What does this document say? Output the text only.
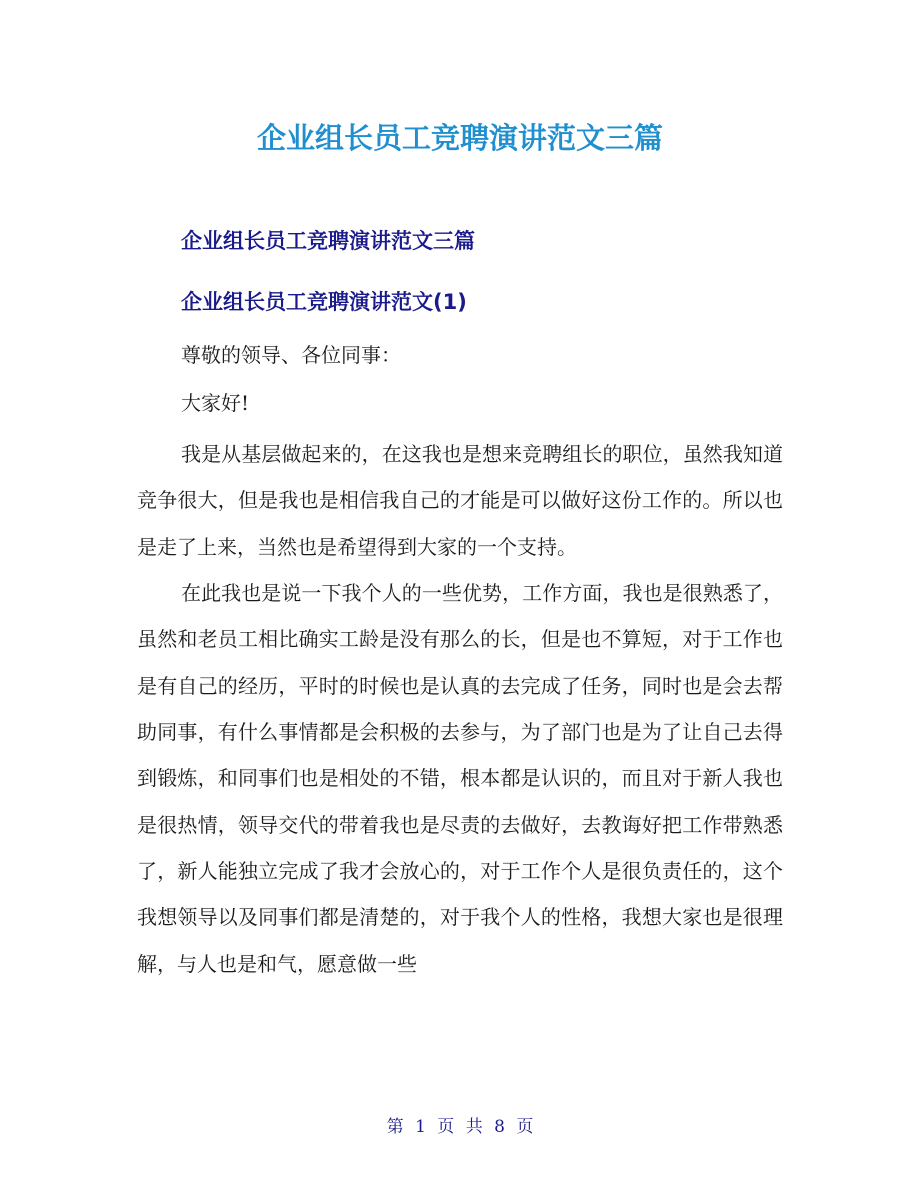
企业组长员工竞聘演讲范文三篇
企业组长员工竞聘演讲范文三篇
企业组长员工竞聘演讲范文(1)

尊敬的领导、各位同事：

大家好!

我是从基层做起来的，在这我也是想来竞聘组长的职位，虽然我知道竞争很大，但是我也是相信我自己的才能是可以做好这份工作的。所以也是走了上来，当然也是希望得到大家的一个支持。

在此我也是说一下我个人的一些优势，工作方面，我也是很熟悉了，虽然和老员工相比确实工龄是没有那么的长，但是也不算短，对于工作也是有自己的经历，平时的时候也是认真的去完成了任务，同时也是会去帮助同事，有什么事情都是会积极的去参与，为了部门也是为了让自己去得到锻炼，和同事们也是相处的不错，根本都是认识的，而且对于新人我也是很热情，领导交代的带着我也是尽责的去做好，去教诲好把工作带熟悉了，新人能独立完成了我才会放心的，对于工作个人是很负责任的，这个我想领导以及同事们都是清楚的，对于我个人的性格，我想大家也是很理解，与人也是和气，愿意做一些

第 1 页 共 8 页
